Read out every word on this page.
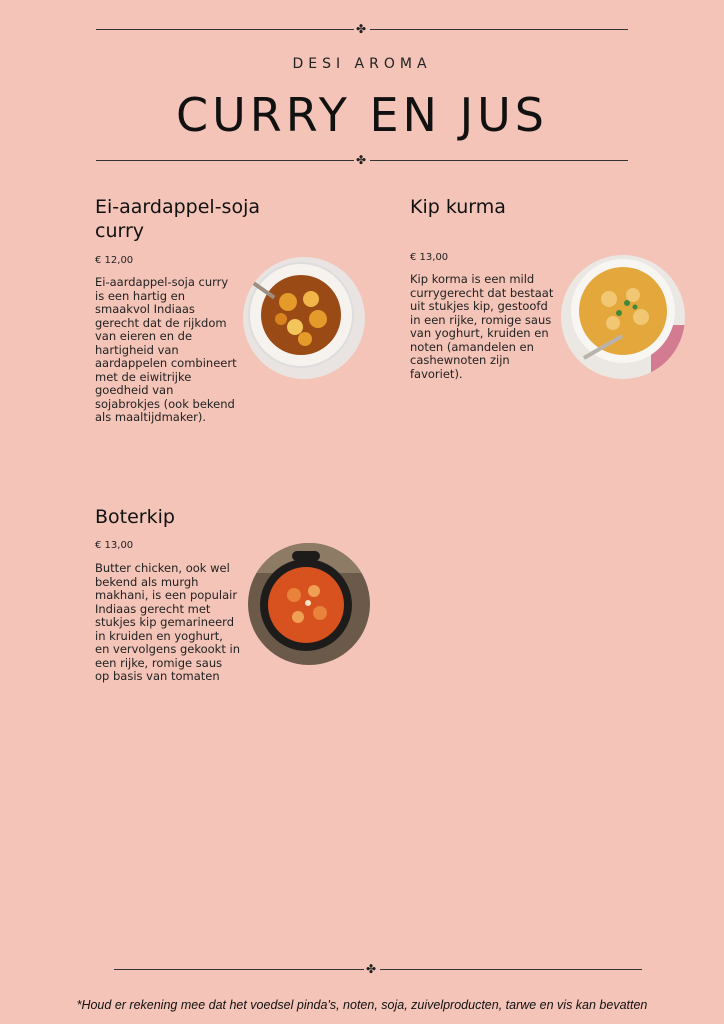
✤
DESI AROMA
CURRY EN JUS
✤
Ei-aardappel-soja curry
€ 12,00
Ei-aardappel-soja curry is een hartig en smaakvol Indiaas gerecht dat de rijkdom van eieren en de hartigheid van aardappelen combineert met de eiwitrijke goedheid van sojabrokjes (ook bekend als maaltijdmaker).
Kip kurma
€ 13,00
Kip korma is een mild currygerecht dat bestaat uit stukjes kip, gestoofd in een rijke, romige saus van yoghurt, kruiden en noten (amandelen en cashewnoten zijn favoriet).
Boterkip
€ 13,00
Butter chicken, ook wel bekend als murgh makhani, is een populair Indiaas gerecht met stukjes kip gemarineerd in kruiden en yoghurt, en vervolgens gekookt in een rijke, romige saus op basis van tomaten
✤
*Houd er rekening mee dat het voedsel pinda's, noten, soja, zuivelproducten, tarwe en vis kan bevatten
